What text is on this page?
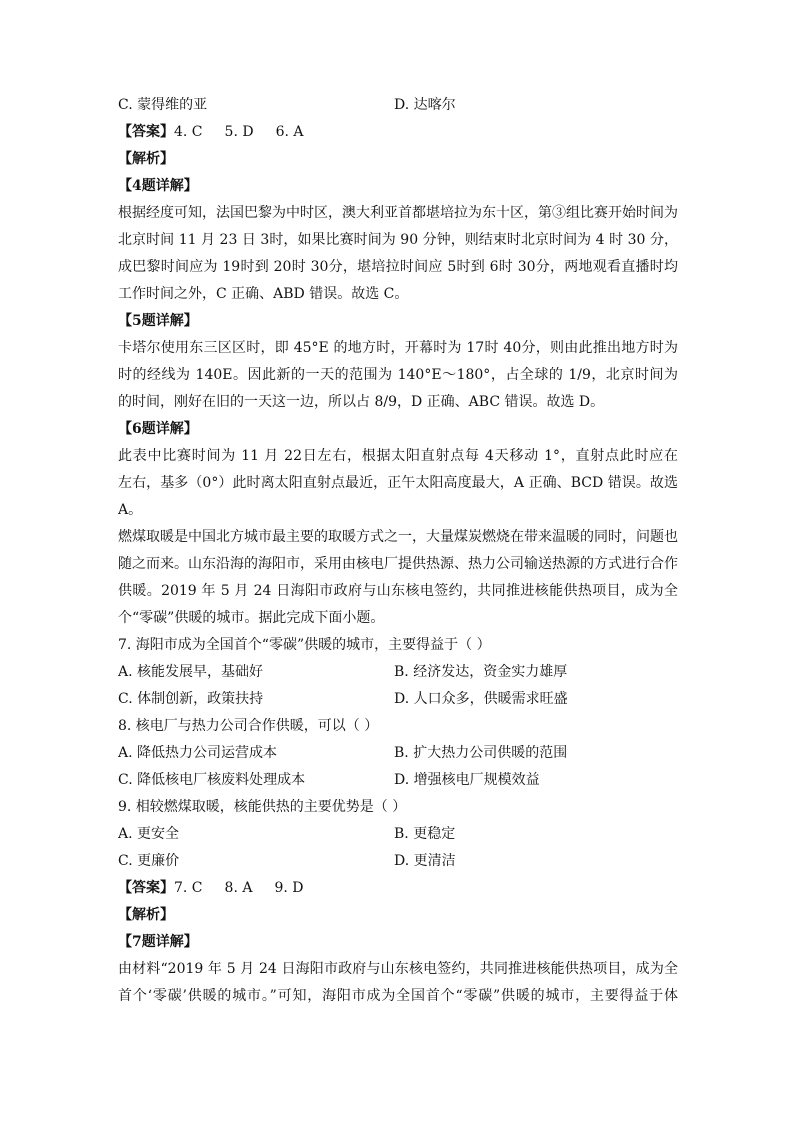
C. 蒙得维的亚	D. 达喀尔
【答案】 4. C 5. D 6. A
【解析】
【4题详解】
根据经度可知，法国巴黎为中时区，澳大利亚首都堪培拉为东十区，第③组比赛开始时间为
北京时间 11 月 23 日 3时，如果比赛时间为 90 分钟，则结束时北京时间为 4 时 30 分，
成巴黎时间应为 19时到 20时 30分，堪培拉时间应 5时到 6时 30分，两地观看直播时均
工作时间之外，C 正确、ABD 错误。故选 C。
【5题详解】
卡塔尔使用东三区区时，即 45°E 的地方时，开幕时为 17时 40分，则由此推出地方时为
时的经线为 140E。因此新的一天的范围为 140°E～180°，占全球的 1/9，北京时间为
的时间，刚好在旧的一天这一边，所以占 8/9，D 正确、ABC 错误。故选 D。
【6题详解】
此表中比赛时间为 11 月 22日左右，根据太阳直射点每 4天移动 1°，直射点此时应在
左右，基多（0°）此时离太阳直射点最近，正午太阳高度最大，A 正确、BCD 错误。故选
A。
燃煤取暖是中国北方城市最主要的取暖方式之一，大量煤炭燃烧在带来温暖的同时，问题也
随之而来。山东沿海的海阳市，采用由核电厂提供热源、热力公司输送热源的方式进行合作
供暖。2019 年 5 月 24 日海阳市政府与山东核电签约，共同推进核能供热项目，成为全
个“零碳”供暖的城市。据此完成下面小题。
7. 海阳市成为全国首个“零碳”供暖的城市，主要得益于（ ）
A. 核能发展早，基础好	B. 经济发达，资金实力雄厚
C. 体制创新，政策扶持	D. 人口众多，供暖需求旺盛
8. 核电厂与热力公司合作供暖，可以（ ）
A. 降低热力公司运营成本	B. 扩大热力公司供暖的范围
C. 降低核电厂核废料处理成本	D. 增强核电厂规模效益
9. 相较燃煤取暖，核能供热的主要优势是（ ）
A. 更安全	B. 更稳定
C. 更廉价	D. 更清洁
【答案】 7. C 8. A 9. D
【解析】
【7题详解】
由材料“2019 年 5 月 24 日海阳市政府与山东核电签约，共同推进核能供热项目，成为全
首个‘零碳’供暖的城市。”可知，海阳市成为全国首个“零碳”供暖的城市，主要得益于体
